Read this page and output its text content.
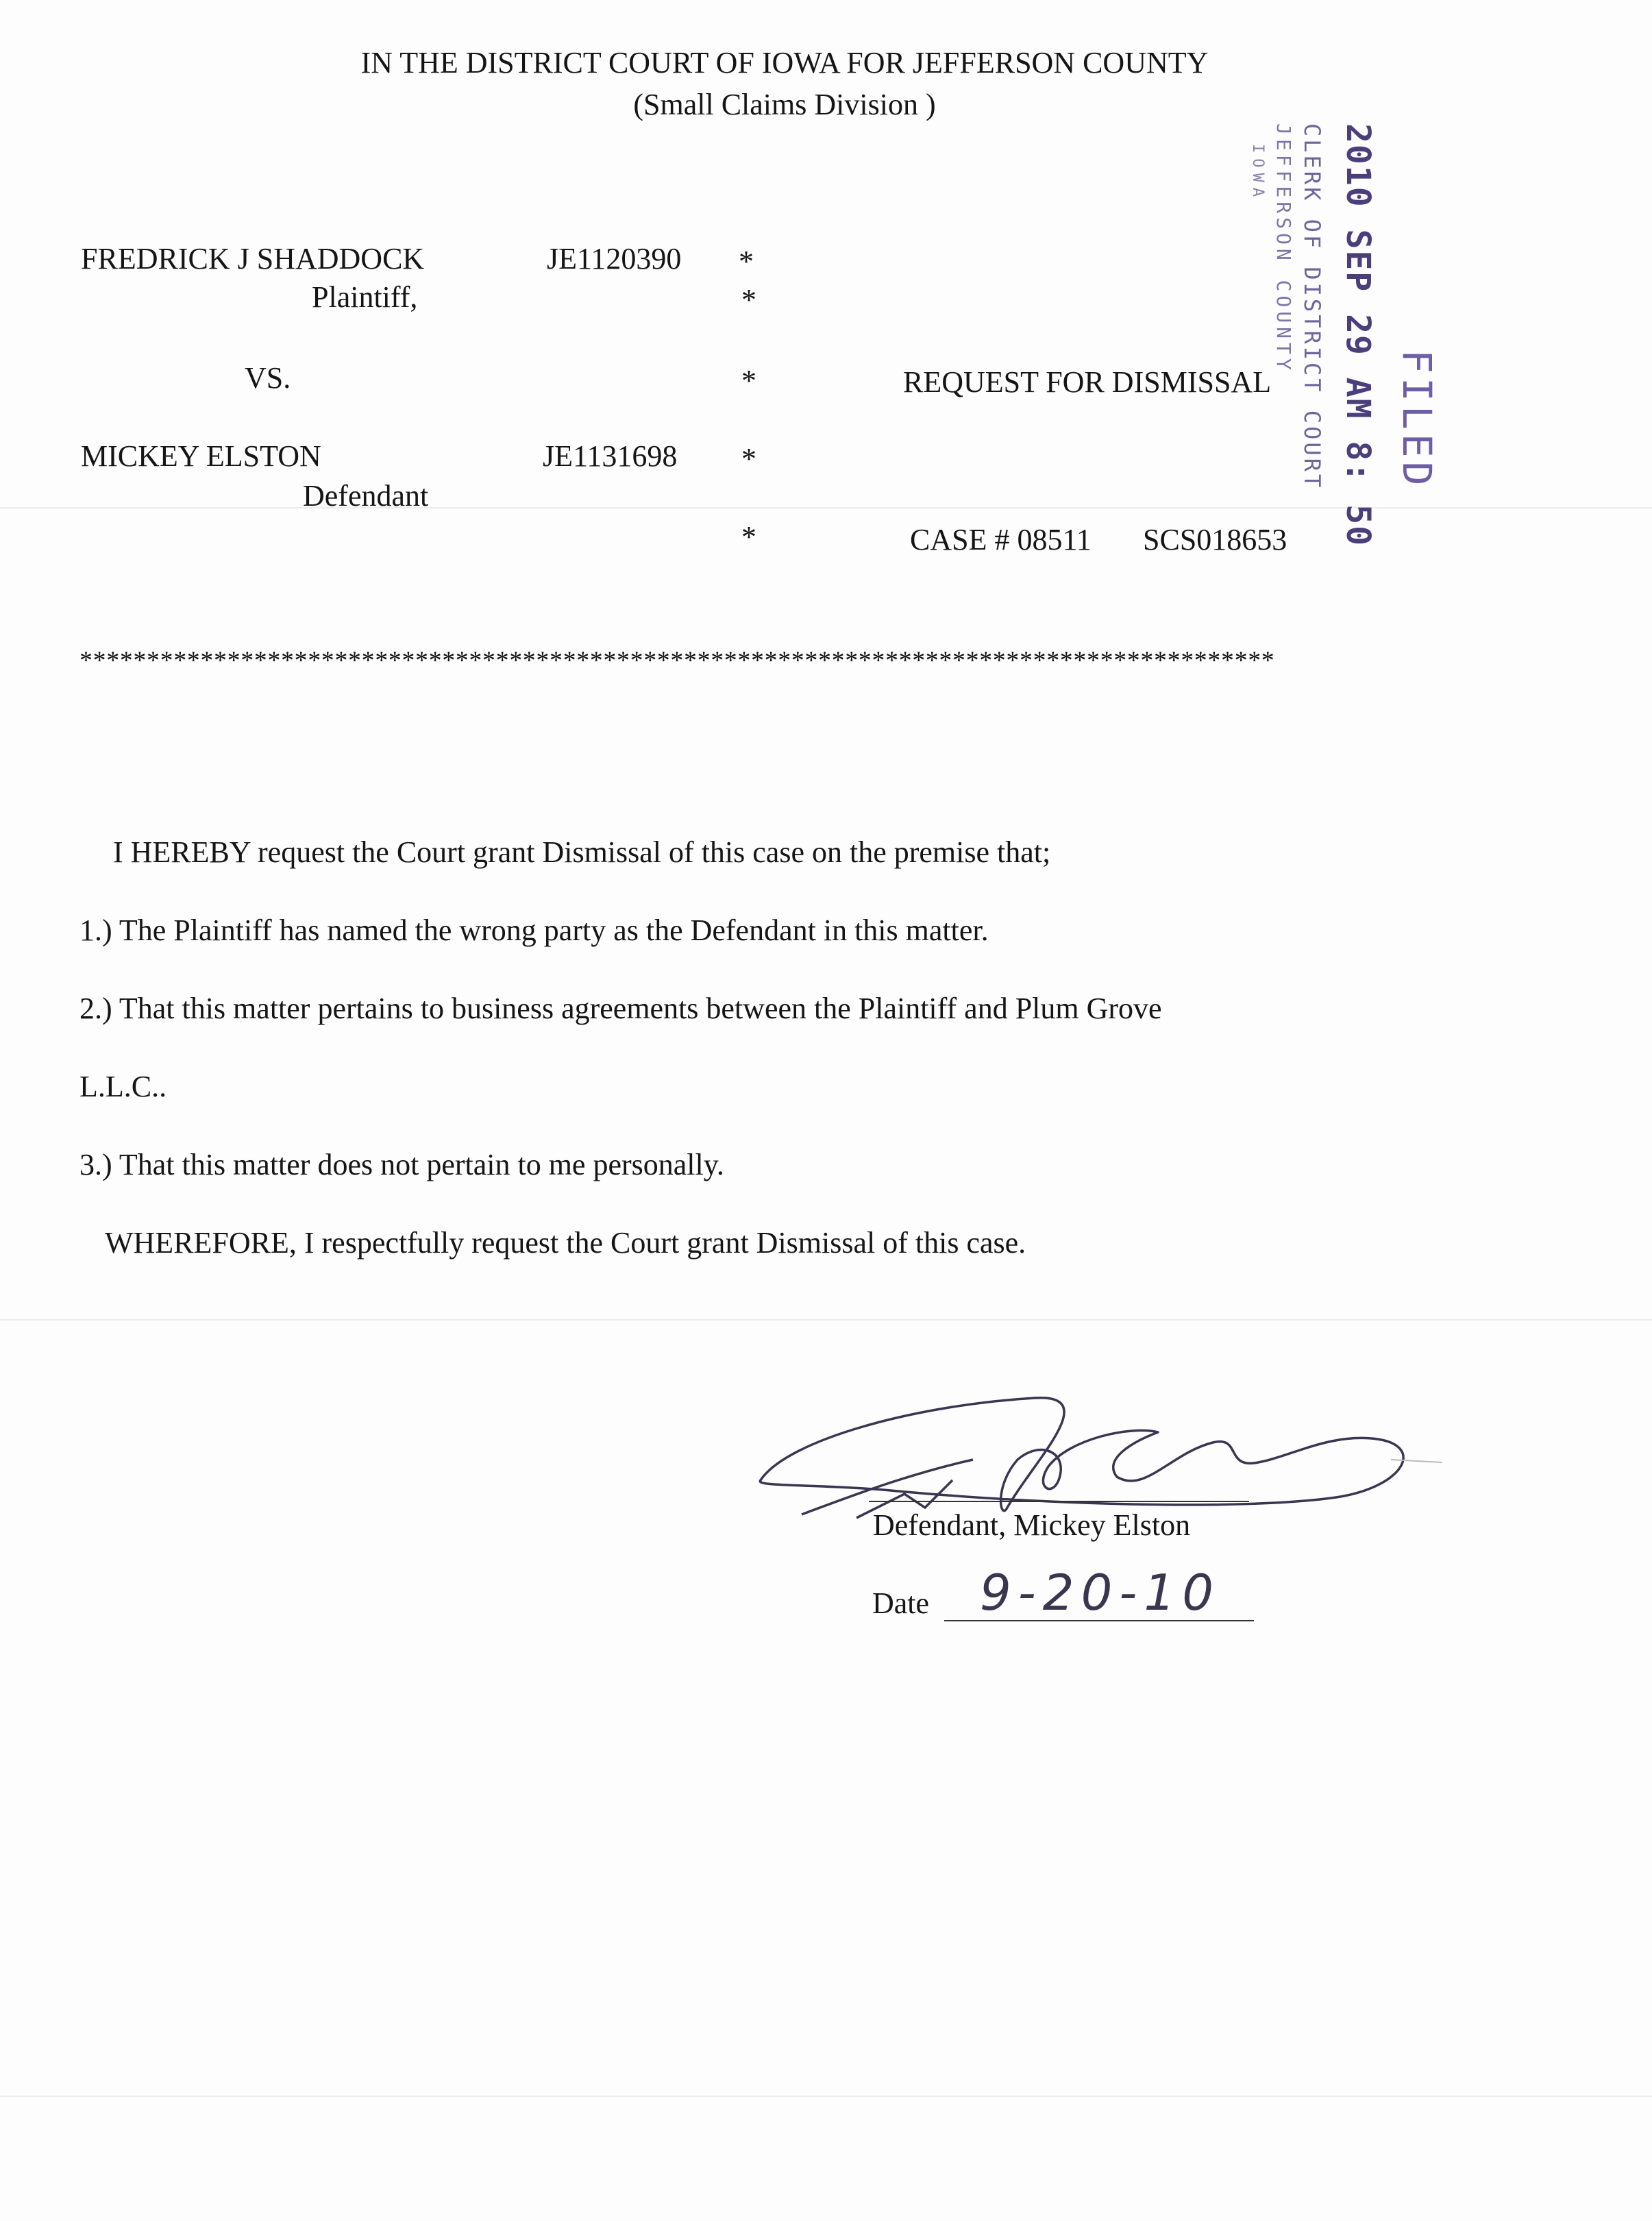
IN THE DISTRICT COURT OF IOWA FOR JEFFERSON COUNTY
(Small Claims Division )
FREDRICK J SHADDOCK	JE1120390 *
Plaintiff,	*
VS.	*	REQUEST FOR DISMISSAL
MICKEY ELSTON	JE1131698 *
Defendant
*	CASE # 08511 SCS018653
FILED
2010 SEP 29 AM 8: 50
CLERK OF DISTRICT COURT
JEFFERSON COUNTY
IOWA
*****************************************************************************************
I HEREBY request the Court grant Dismissal of this case on the premise that;
1.) The Plaintiff has named the wrong party as the Defendant in this matter.
2.) That this matter pertains to business agreements between the Plaintiff and Plum Grove
L.L.C..
3.) That this matter does not pertain to me personally.
WHEREFORE, I respectfully request the Court grant Dismissal of this case.
Defendant, Mickey Elston
Date 9-20-10
